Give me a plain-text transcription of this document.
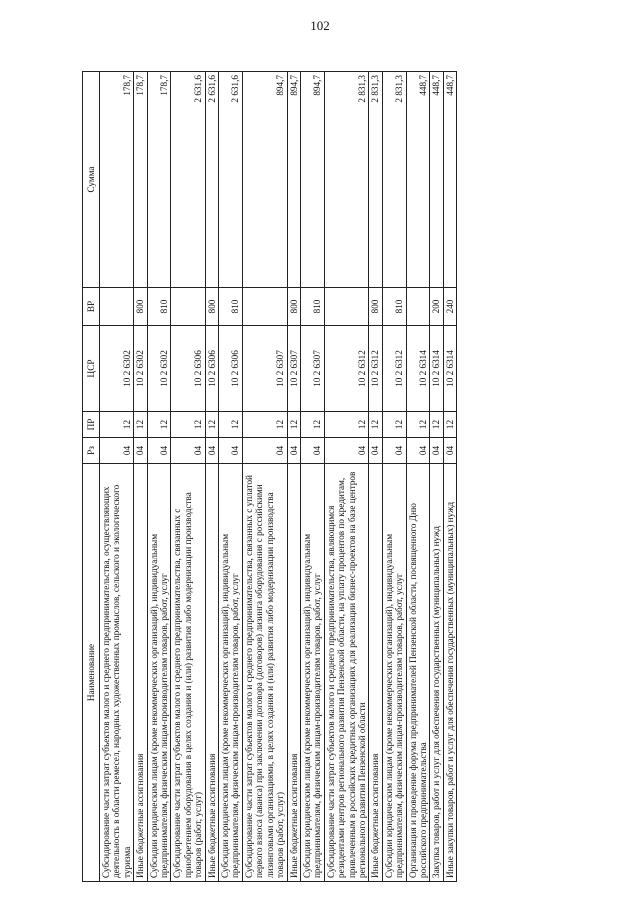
102
Наименование	Рз	ПР	ЦСР	ВР	Сумма
Субсидирование части затрат субъектов малого и среднего предпринимательства, осуществляющих деятельность в области ремесел, народных художественных промыслов, сельского и экологического туризма	04	12	10 2 6302		178,7
Иные бюджетные ассигнования	04	12	10 2 6302	800	178,7
Субсидии юридическим лицам (кроме некоммерческих организаций), индивидуальным предпринимателям, физическим лицам-производителям товаров, работ, услуг	04	12	10 2 6302	810	178,7
Субсидирование части затрат субъектов малого и среднего предпринимательства, связанных с приобретением оборудования в целях создания и (или) развития либо модернизации производства товаров (работ, услуг)	04	12	10 2 6306		2 631,6
Иные бюджетные ассигнования	04	12	10 2 6306	800	2 631,6
Субсидии юридическим лицам (кроме некоммерческих организаций), индивидуальным предпринимателям, физическим лицам-производителям товаров, работ, услуг	04	12	10 2 6306	810	2 631,6
Субсидирование части затрат субъектов малого и среднего предпринимательства, связанных с уплатой первого взноса (аванса) при заключении договора (договоров) лизинга оборудования с российскими лизинговыми организациями, в целях создания и (или) развития либо модернизации производства товаров (работ, услуг)	04	12	10 2 6307		894,7
Иные бюджетные ассигнования	04	12	10 2 6307	800	894,7
Субсидии юридическим лицам (кроме некоммерческих организаций), индивидуальным предпринимателям, физическим лицам-производителям товаров, работ, услуг	04	12	10 2 6307	810	894,7
Субсидирование части затрат субъектов малого и среднего предпринимательства, являющимся резидентами центров регионального развития Пензенской области, на уплату процентов по кредитам, привлеченным в российских кредитных организациях для реализации бизнес-проектов на базе центров регионального развития Пензенской области	04	12	10 2 6312		2 831,3
Иные бюджетные ассигнования	04	12	10 2 6312	800	2 831,3
Субсидии юридическим лицам (кроме некоммерческих организаций), индивидуальным предпринимателям, физическим лицам-производителям товаров, работ, услуг	04	12	10 2 6312	810	2 831,3
Организация и проведение форума предпринимателей Пензенской области, посвященного Дню российского предпринимательства	04	12	10 2 6314		448,7
Закупка товаров, работ и услуг для обеспечения государственных (муниципальных) нужд	04	12	10 2 6314	200	448,7
Иные закупки товаров, работ и услуг для обеспечения государственных (муниципальных) нужд	04	12	10 2 6314	240	448,7
